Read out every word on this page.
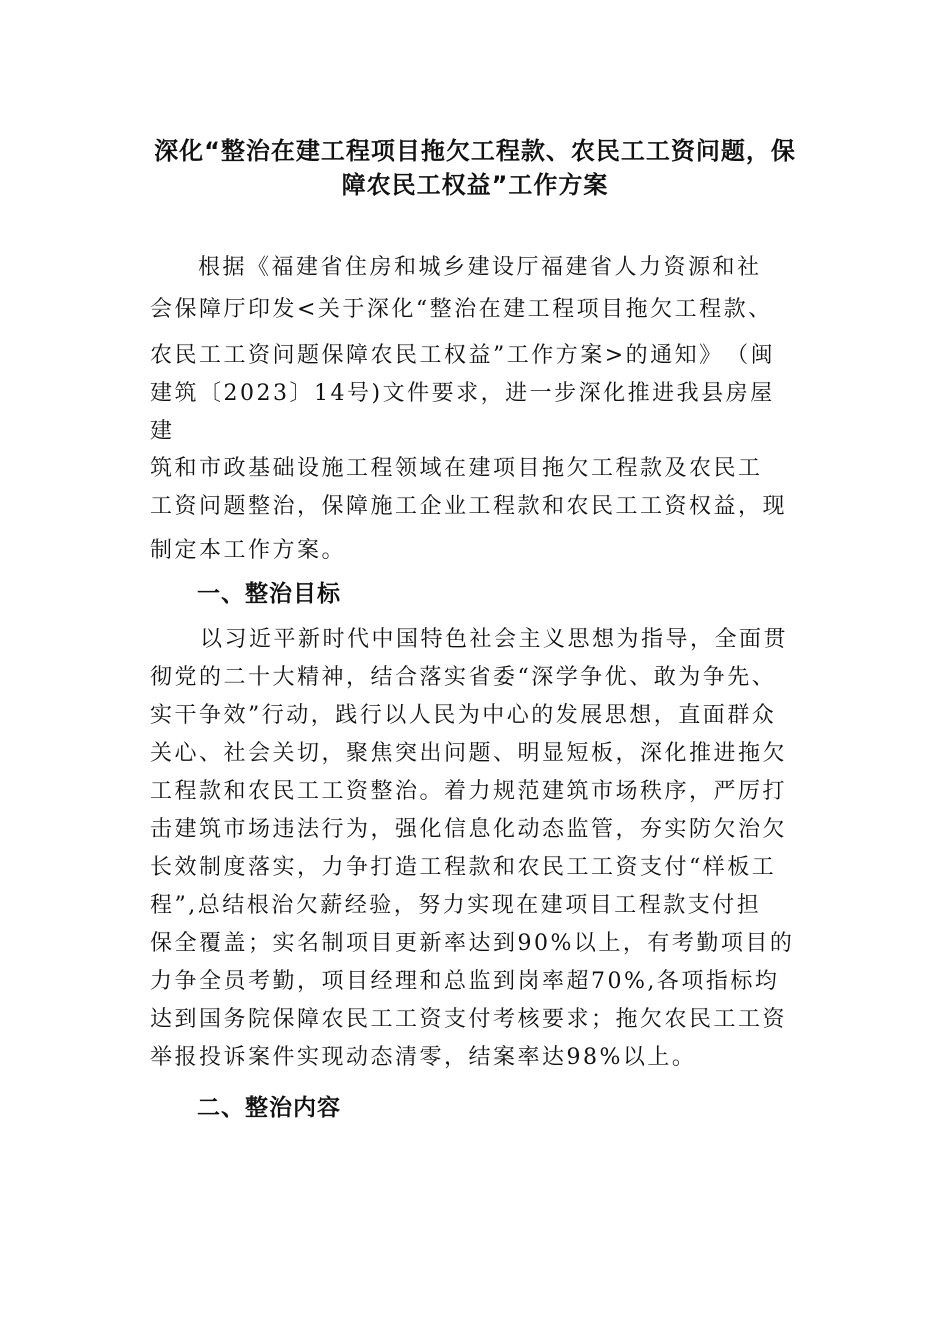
深化“整治在建工程项目拖欠工程款、农民工工资问题，保
障农民工权益”工作方案
根据《福建省住房和城乡建设厅福建省人力资源和社
会保障厅印发<关于深化“整治在建工程项目拖欠工程款、
农民工工资问题保障农民工权益”工作方案>的通知》　（闽
建筑〔2023〕14号)文件要求，进一步深化推进我县房屋
建
筑和市政基础设施工程领域在建项目拖欠工程款及农民工
工资问题整治，保障施工企业工程款和农民工工资权益，现
制定本工作方案。
一、整治目标
以习近平新时代中国特色社会主义思想为指导，全面贯
彻党的二十大精神，结合落实省委“深学争优、敢为争先、
实干争效”行动，践行以人民为中心的发展思想，直面群众
关心、社会关切，聚焦突出问题、明显短板，深化推进拖欠
工程款和农民工工资整治。着力规范建筑市场秩序，严厉打
击建筑市场违法行为，强化信息化动态监管，夯实防欠治欠
长效制度落实，力争打造工程款和农民工工资支付“样板工
程”,总结根治欠薪经验，努力实现在建项目工程款支付担
保全覆盖；实名制项目更新率达到90%以上，有考勤项目的
力争全员考勤，项目经理和总监到岗率超70%,各项指标均
达到国务院保障农民工工资支付考核要求；拖欠农民工工资
举报投诉案件实现动态清零，结案率达98%以上。
二、整治内容
